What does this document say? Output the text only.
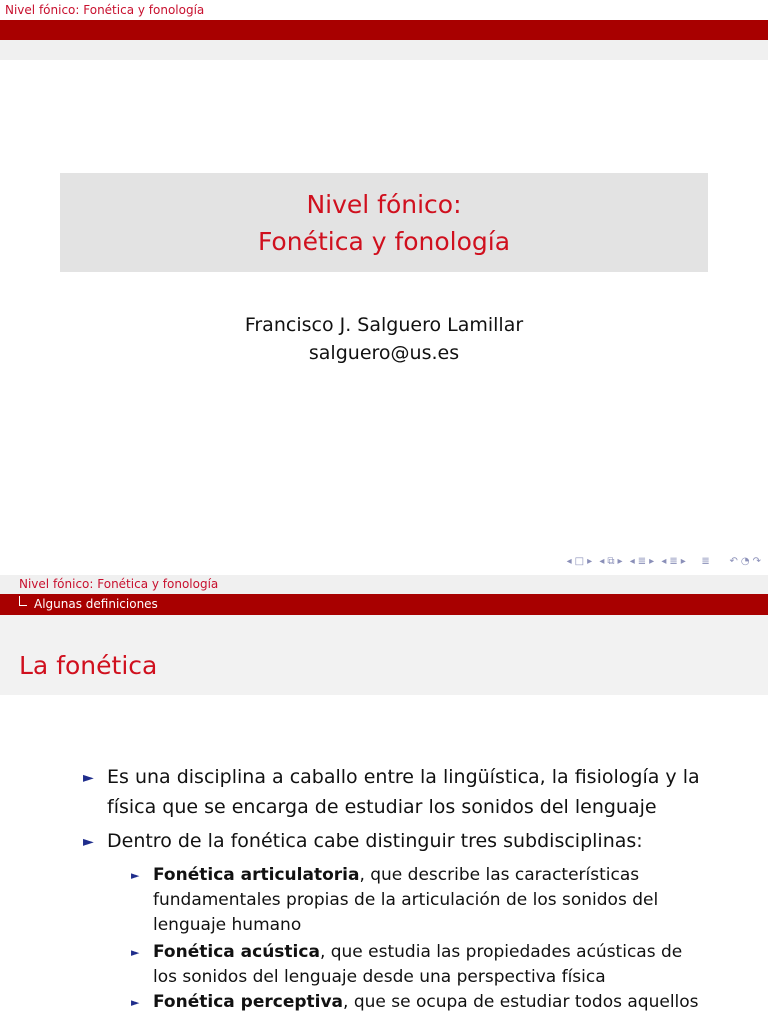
Nivel fónico: Fonética y fonología
Nivel fónico:
Fonética y fonología
Francisco J. Salguero Lamillar
salguero@us.es
◂ □ ▸ ◂ ⧉ ▸ ◂ ≣ ▸ ◂ ≣ ▸ ≣ ↶ ◔ ↷
Nivel fónico: Fonética y fonología
Algunas definiciones
La fonética
► Es una disciplina a caballo entre la lingüística, la fisiología y la
física que se encarga de estudiar los sonidos del lenguaje
► Dentro de la fonética cabe distinguir tres subdisciplinas:
► Fonética articulatoria, que describe las características
fundamentales propias de la articulación de los sonidos del
lenguaje humano
► Fonética acústica, que estudia las propiedades acústicas de
los sonidos del lenguaje desde una perspectiva física
► Fonética perceptiva, que se ocupa de estudiar todos aquellos
